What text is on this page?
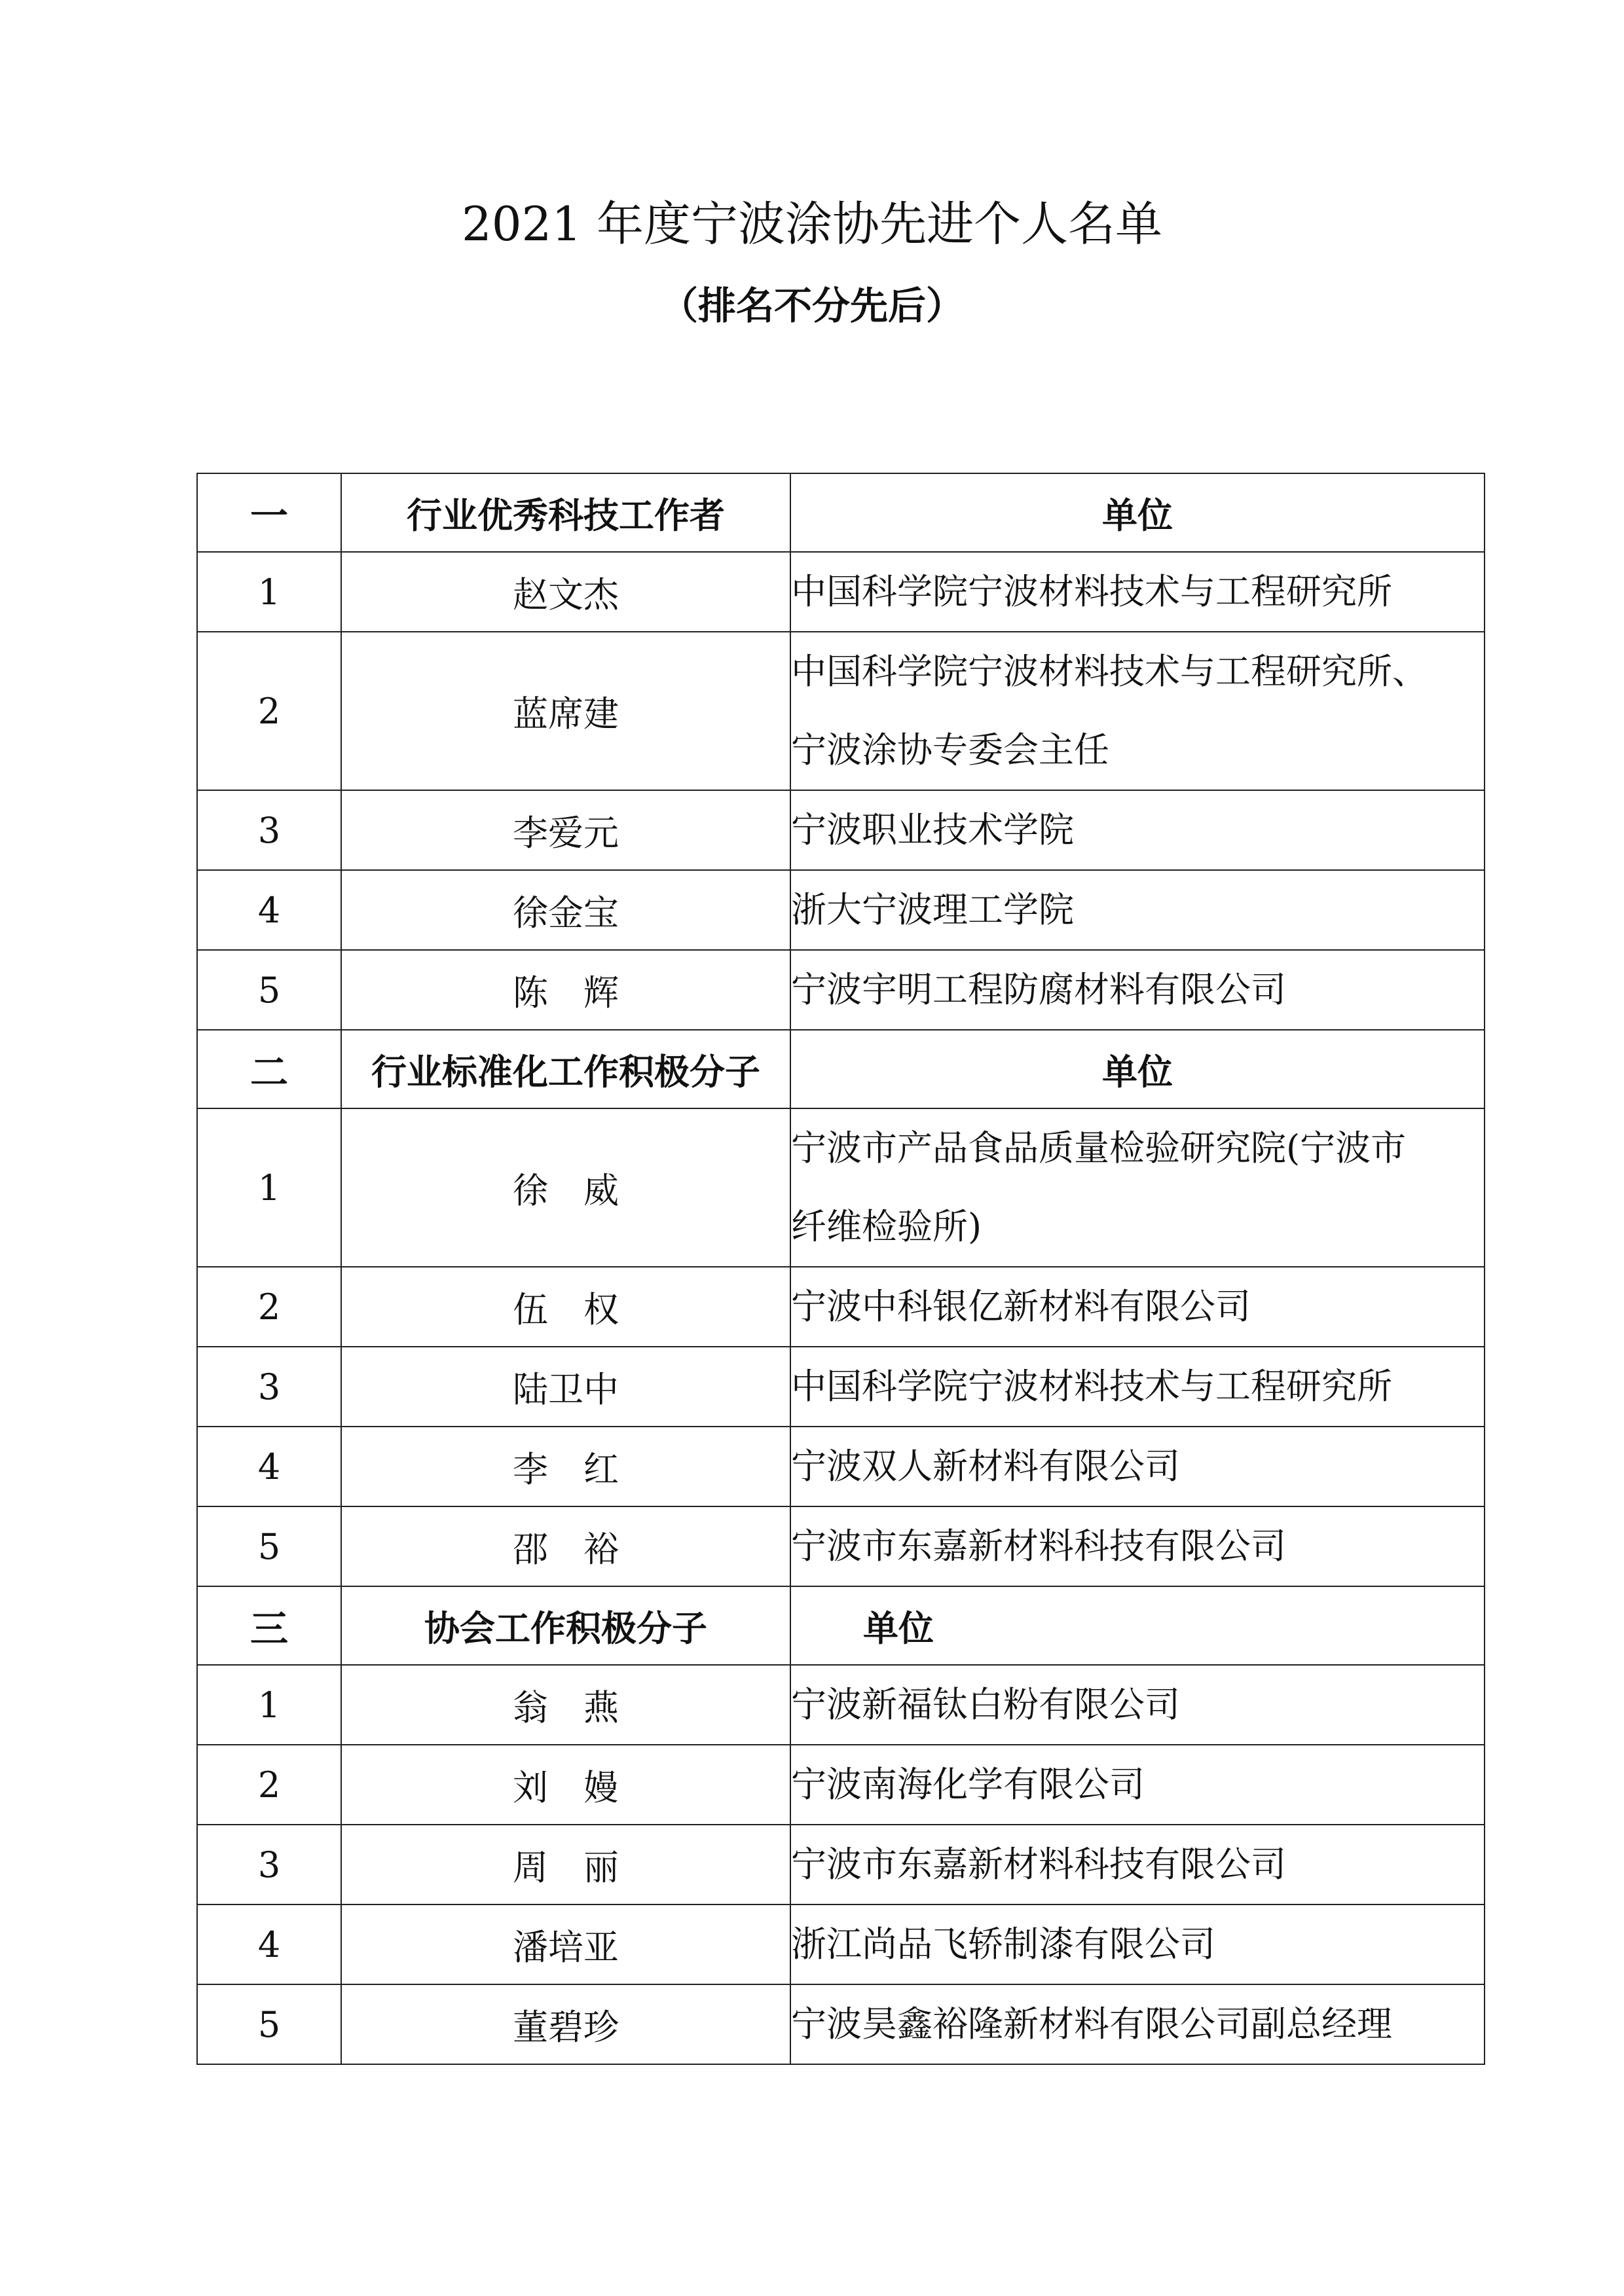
2021 年度宁波涂协先进个人名单
（排名不分先后）
一	行业优秀科技工作者	单位
1	赵文杰	中国科学院宁波材料技术与工程研究所
2	蓝席建	中国科学院宁波材料技术与工程研究所、
宁波涂协专委会主任

3	李爱元	宁波职业技术学院
4	徐金宝	浙大宁波理工学院
5	陈　辉	宁波宇明工程防腐材料有限公司
二	行业标准化工作积极分子	单位
1	徐　威	宁波市产品食品质量检验研究院(宁波市
纤维检验所)

2	伍　权	宁波中科银亿新材料有限公司
3	陆卫中	中国科学院宁波材料技术与工程研究所
4	李　红	宁波双人新材料有限公司
5	邵　裕	宁波市东嘉新材料科技有限公司
三	协会工作积极分子	单位
1	翁　燕	宁波新福钛白粉有限公司
2	刘　嫚	宁波南海化学有限公司
3	周　丽	宁波市东嘉新材料科技有限公司
4	潘培亚	浙江尚品飞轿制漆有限公司
5	董碧珍	宁波昊鑫裕隆新材料有限公司副总经理
